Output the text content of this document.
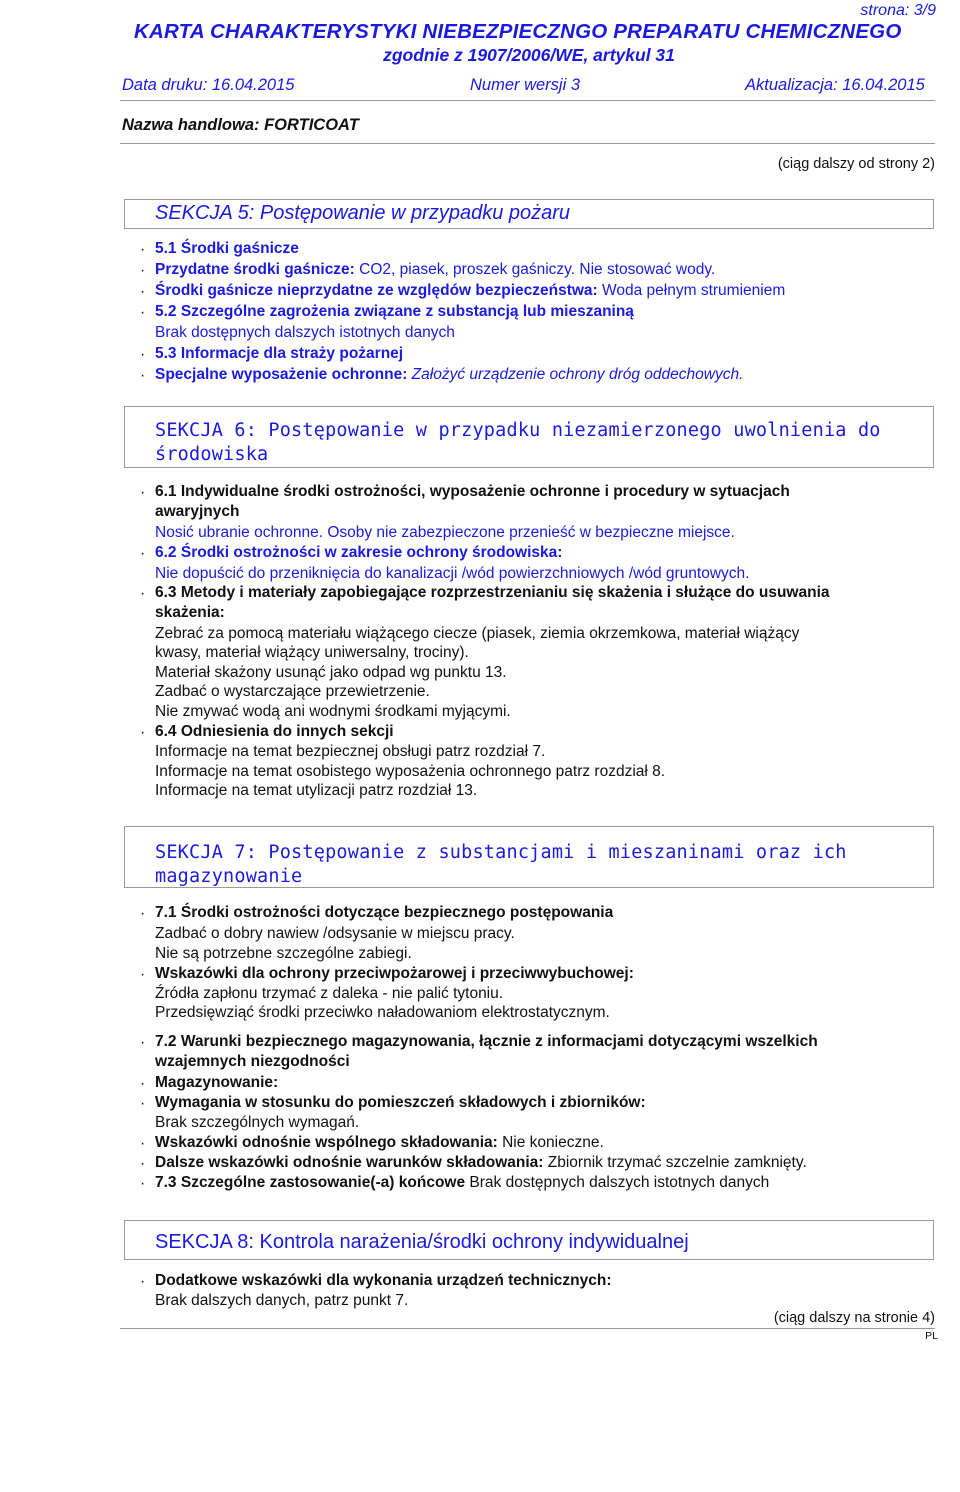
strona: 3/9
KARTA CHARAKTERYSTYKI NIEBEZPIECZNGO PREPARATU CHEMICZNEGO
zgodnie z 1907/2006/WE, artykul 31
Data druku: 16.04.2015	Numer wersji 3	Aktualizacja: 16.04.2015
Nazwa handlowa: FORTICOAT
(ciąg dalszy od strony 2)
SEKCJA 5: Postępowanie w przypadku pożaru
· 5.1 Środki gaśnicze
· Przydatne środki gaśnicze: CO2, piasek, proszek gaśniczy. Nie stosować wody.
· Środki gaśnicze nieprzydatne ze względów bezpieczeństwa: Woda pełnym strumieniem
· 5.2 Szczególne zagrożenia związane z substancją lub mieszaniną
Brak dostępnych dalszych istotnych danych
· 5.3 Informacje dla straży pożarnej
· Specjalne wyposażenie ochronne: Założyć urządzenie ochrony dróg oddechowych.
SEKCJA 6: Postępowanie w przypadku niezamierzonego uwolnienia do
środowiska
· 6.1 Indywidualne środki ostrożności, wyposażenie ochronne i procedury w sytuacjach
awaryjnych
Nosić ubranie ochronne. Osoby nie zabezpieczone przenieść w bezpieczne miejsce.
· 6.2 Środki ostrożności w zakresie ochrony środowiska:
Nie dopuścić do przeniknięcia do kanalizacji /wód powierzchniowych /wód gruntowych.
· 6.3 Metody i materiały zapobiegające rozprzestrzenianiu się skażenia i służące do usuwania
skażenia:
Zebrać za pomocą materiału wiążącego ciecze (piasek, ziemia okrzemkowa, materiał wiążący
kwasy, materiał wiążący uniwersalny, trociny).
Materiał skażony usunąć jako odpad wg punktu 13.
Zadbać o wystarczające przewietrzenie.
Nie zmywać wodą ani wodnymi środkami myjącymi.
· 6.4 Odniesienia do innych sekcji
Informacje na temat bezpiecznej obsługi patrz rozdział 7.
Informacje na temat osobistego wyposażenia ochronnego patrz rozdział 8.
Informacje na temat utylizacji patrz rozdział 13.
SEKCJA 7: Postępowanie z substancjami i mieszaninami oraz ich
magazynowanie
· 7.1 Środki ostrożności dotyczące bezpiecznego postępowania
Zadbać o dobry nawiew /odsysanie w miejscu pracy.
Nie są potrzebne szczególne zabiegi.
· Wskazówki dla ochrony przeciwpożarowej i przeciwwybuchowej:
Źródła zapłonu trzymać z daleka - nie palić tytoniu.
Przedsięwziąć środki przeciwko naładowaniom elektrostatycznym.
· 7.2 Warunki bezpiecznego magazynowania, łącznie z informacjami dotyczącymi wszelkich
wzajemnych niezgodności
· Magazynowanie:
· Wymagania w stosunku do pomieszczeń składowych i zbiorników:
Brak szczególnych wymagań.
· Wskazówki odnośnie wspólnego składowania: Nie konieczne.
· Dalsze wskazówki odnośnie warunków składowania: Zbiornik trzymać szczelnie zamknięty.
· 7.3 Szczególne zastosowanie(-a) końcowe Brak dostępnych dalszych istotnych danych
SEKCJA 8: Kontrola narażenia/środki ochrony indywidualnej
· Dodatkowe wskazówki dla wykonania urządzeń technicznych:
Brak dalszych danych, patrz punkt 7.
(ciąg dalszy na stronie 4)
PL
